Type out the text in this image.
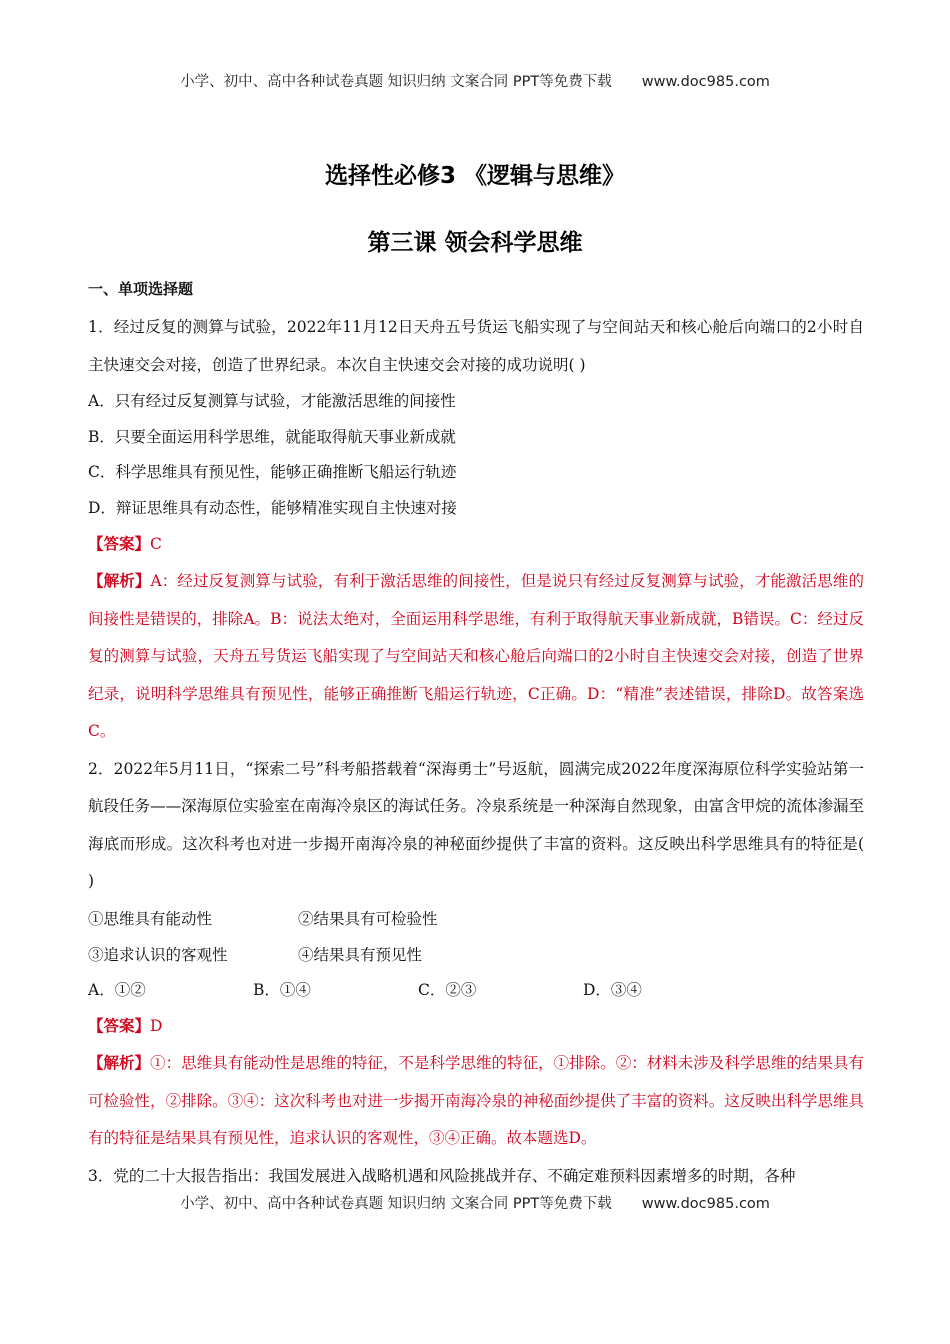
小学、初中、高中各种试卷真题 知识归纳 文案合同 PPT等免费下载 www.doc985.com
选择性必修3 《逻辑与思维》
第三课 领会科学思维
一、单项选择题

1．经过反复的测算与试验，2022年11月12日天舟五号货运飞船实现了与空间站天和核心舱后向端口的2小时自主快速交会对接，创造了世界纪录。本次自主快速交会对接的成功说明( )

A．只有经过反复测算与试验，才能激活思维的间接性

B．只要全面运用科学思维，就能取得航天事业新成就

C．科学思维具有预见性，能够正确推断飞船运行轨迹

D．辩证思维具有动态性，能够精准实现自主快速对接

【答案】C

【解析】A：经过反复测算与试验，有利于激活思维的间接性，但是说只有经过反复测算与试验，才能激活思维的间接性是错误的，排除A。B：说法太绝对，全面运用科学思维，有利于取得航天事业新成就，B错误。C：经过反复的测算与试验，天舟五号货运飞船实现了与空间站天和核心舱后向端口的2小时自主快速交会对接，创造了世界纪录，说明科学思维具有预见性，能够正确推断飞船运行轨迹，C正确。D：“精准”表述错误，排除D。故答案选C。

2．2022年5月11日，“探索二号”科考船搭载着“深海勇士”号返航，圆满完成2022年度深海原位科学实验站第一航段任务——深海原位实验室在南海冷泉区的海试任务。冷泉系统是一种深海自然现象，由富含甲烷的流体渗漏至海底而形成。这次科考也对进一步揭开南海冷泉的神秘面纱提供了丰富的资料。这反映出科学思维具有的特征是( )

①思维具有能动性	②结果具有可检验性
③追求认识的客观性	④结果具有预见性
A．①②	B．①④	C．②③	D．③④

【答案】D

【解析】①：思维具有能动性是思维的特征，不是科学思维的特征，①排除。②：材料未涉及科学思维的结果具有可检验性，②排除。③④：这次科考也对进一步揭开南海冷泉的神秘面纱提供了丰富的资料。这反映出科学思维具有的特征是结果具有预见性，追求认识的客观性，③④正确。故本题选D。

3．党的二十大报告指出：我国发展进入战略机遇和风险挑战并存、不确定难预料因素增多的时期，各种

小学、初中、高中各种试卷真题 知识归纳 文案合同 PPT等免费下载 www.doc985.com
